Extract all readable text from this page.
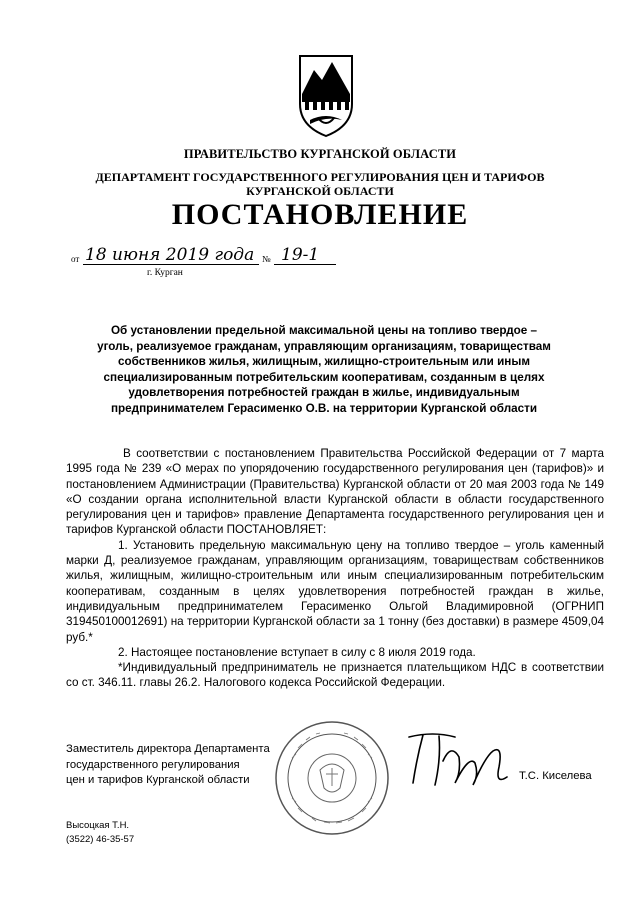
ПРАВИТЕЛЬСТВО КУРГАНСКОЙ ОБЛАСТИ
ДЕПАРТАМЕНТ ГОСУДАРСТВЕННОГО РЕГУЛИРОВАНИЯ ЦЕН И ТАРИФОВ
КУРГАНСКОЙ ОБЛАСТИ
ПОСТАНОВЛЕНИЕ
от 18 июня 2019 года № 19-1
г. Курган
Об установлении предельной максимальной цены на топливо твердое –
уголь, реализуемое гражданам, управляющим организациям, товариществам
собственников жилья, жилищным, жилищно-строительным или иным
специализированным потребительским кооперативам, созданным в целях
удовлетворения потребностей граждан в жилье, индивидуальным
предпринимателем Герасименко О.В. на территории Курганской области

В соответствии с постановлением Правительства Российской Федерации от 7 марта 1995 года № 239 «О мерах по упорядочению государственного регулирования цен (тарифов)» и постановлением Администрации (Правительства) Курганской области от 20 мая 2003 года № 149 «О создании органа исполнительной власти Курганской области в области государственного регулирования цен и тарифов» правление Департамента государственного регулирования цен и тарифов Курганской области ПОСТАНОВЛЯЕТ:

1. Установить предельную максимальную цену на топливо твердое – уголь каменный марки Д, реализуемое гражданам, управляющим организациям, товариществам собственников жилья, жилищным, жилищно-строительным или иным специализированным потребительским кооперативам, созданным в целях удовлетворения потребностей граждан в жилье, индивидуальным предпринимателем Герасименко Ольгой Владимировной (ОГРНИП 319450100012691) на территории Курганской области за 1 тонну (без доставки) в размере 4509,04 руб.*

2. Настоящее постановление вступает в силу с 8 июля 2019 года.

*Индивидуальный предприниматель не признается плательщиком НДС в соответствии со ст. 346.11. главы 26.2. Налогового кодекса Российской Федерации.

Заместитель директора Департамента
государственного регулирования
цен и тарифов Курганской области	Т.С. Киселева
Высоцкая Т.Н.
(3522) 46-35-57
